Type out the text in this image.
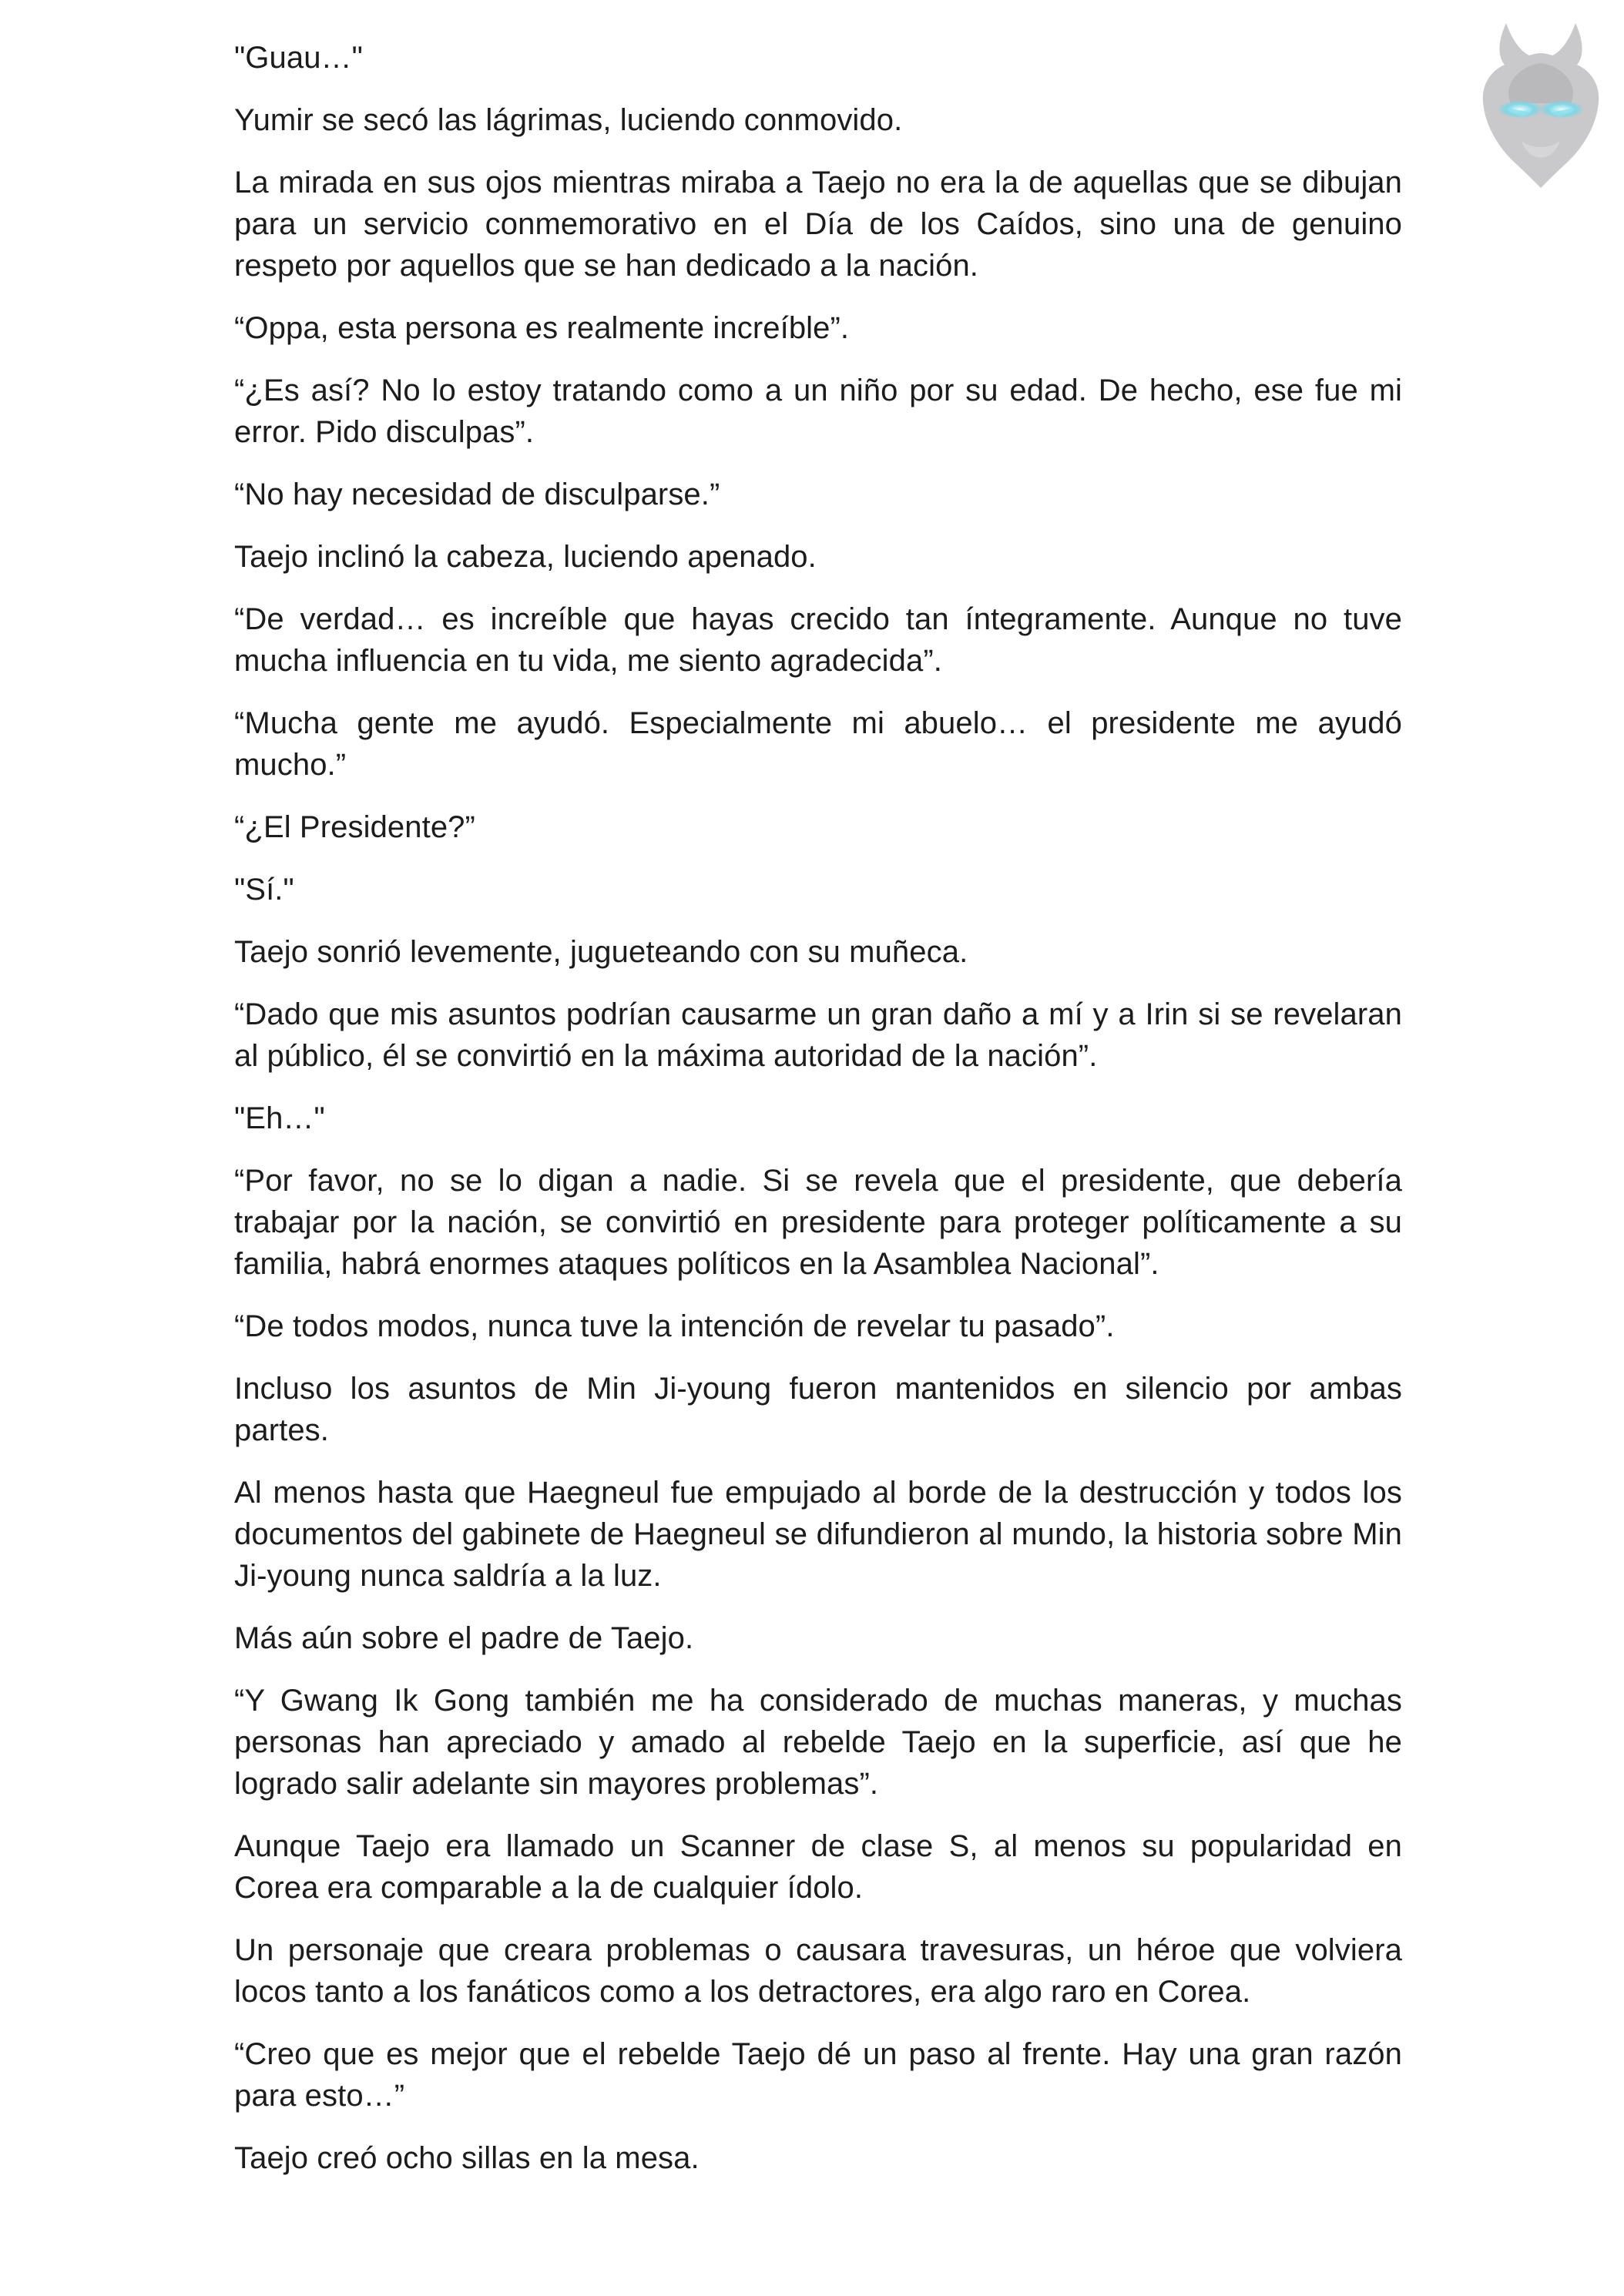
"Guau…"

Yumir se secó las lágrimas, luciendo conmovido.

La mirada en sus ojos mientras miraba a Taejo no era la de aquellas que se dibujan para un servicio conmemorativo en el Día de los Caídos, sino una de genuino respeto por aquellos que se han dedicado a la nación.

“Oppa, esta persona es realmente increíble”.

“¿Es así? No lo estoy tratando como a un niño por su edad. De hecho, ese fue mi error. Pido disculpas”.

“No hay necesidad de disculparse.”

Taejo inclinó la cabeza, luciendo apenado.

“De verdad… es increíble que hayas crecido tan íntegramente. Aunque no tuve mucha influencia en tu vida, me siento agradecida”.

“Mucha gente me ayudó. Especialmente mi abuelo… el presidente me ayudó mucho.”

“¿El Presidente?”

"Sí."

Taejo sonrió levemente, jugueteando con su muñeca.

“Dado que mis asuntos podrían causarme un gran daño a mí y a Irin si se revelaran al público, él se convirtió en la máxima autoridad de la nación”.

"Eh…"

“Por favor, no se lo digan a nadie. Si se revela que el presidente, que debería trabajar por la nación, se convirtió en presidente para proteger políticamente a su familia, habrá enormes ataques políticos en la Asamblea Nacional”.

“De todos modos, nunca tuve la intención de revelar tu pasado”.

Incluso los asuntos de Min Ji-young fueron mantenidos en silencio por ambas partes.

Al menos hasta que Haegneul fue empujado al borde de la destrucción y todos los documentos del gabinete de Haegneul se difundieron al mundo, la historia sobre Min Ji-young nunca saldría a la luz.

Más aún sobre el padre de Taejo.

“Y Gwang Ik Gong también me ha considerado de muchas maneras, y muchas personas han apreciado y amado al rebelde Taejo en la superficie, así que he logrado salir adelante sin mayores problemas”.

Aunque Taejo era llamado un Scanner de clase S, al menos su popularidad en Corea era comparable a la de cualquier ídolo.

Un personaje que creara problemas o causara travesuras, un héroe que volviera locos tanto a los fanáticos como a los detractores, era algo raro en Corea.

“Creo que es mejor que el rebelde Taejo dé un paso al frente. Hay una gran razón para esto…”

Taejo creó ocho sillas en la mesa.
